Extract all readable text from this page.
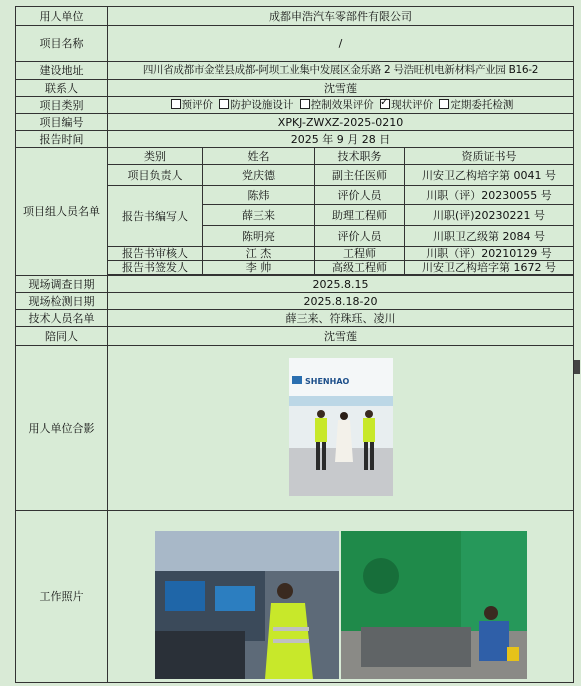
用人单位	成都申浩汽车零部件有限公司			
项目名称	/			
建设地址	四川省成都市金堂县成都-阿坝工业集中发展区金乐路 2 号浩旺机电新材料产业园 B16-2			
联系人	沈雪莲			
项目类别	预评价 防护设施设计 控制效果评价 ✓ 现状评价 定期委托检测
项目编号	XPKJ-ZWXZ-2025-0210			
报告时间	2025 年 9 月 28 日			
项目组人员名单	类别	姓名	技术职务	资质证书号
	项目负责人	党庆德	副主任医师	川安卫乙构培字第 0041 号
	报告书编写人	陈炜	评价人员	川职（评）20230055 号
		薛三来	助理工程师	川职(评)20230221 号
		陈明亮	评价人员	川职卫乙级第 2084 号
	报告书审核人	江 杰	工程师	川职（评）20210129 号
	报告书签发人	李 帅	高级工程师	川安卫乙构培字第 1672 号

现场调查日期	2025.8.15			
现场检测日期	2025.8.18-20			
技术人员名单	薛三来、符珠珏、凌川			
陪同人	沈雪莲			
用人单位合影	SHENHAO			

工作照片	
